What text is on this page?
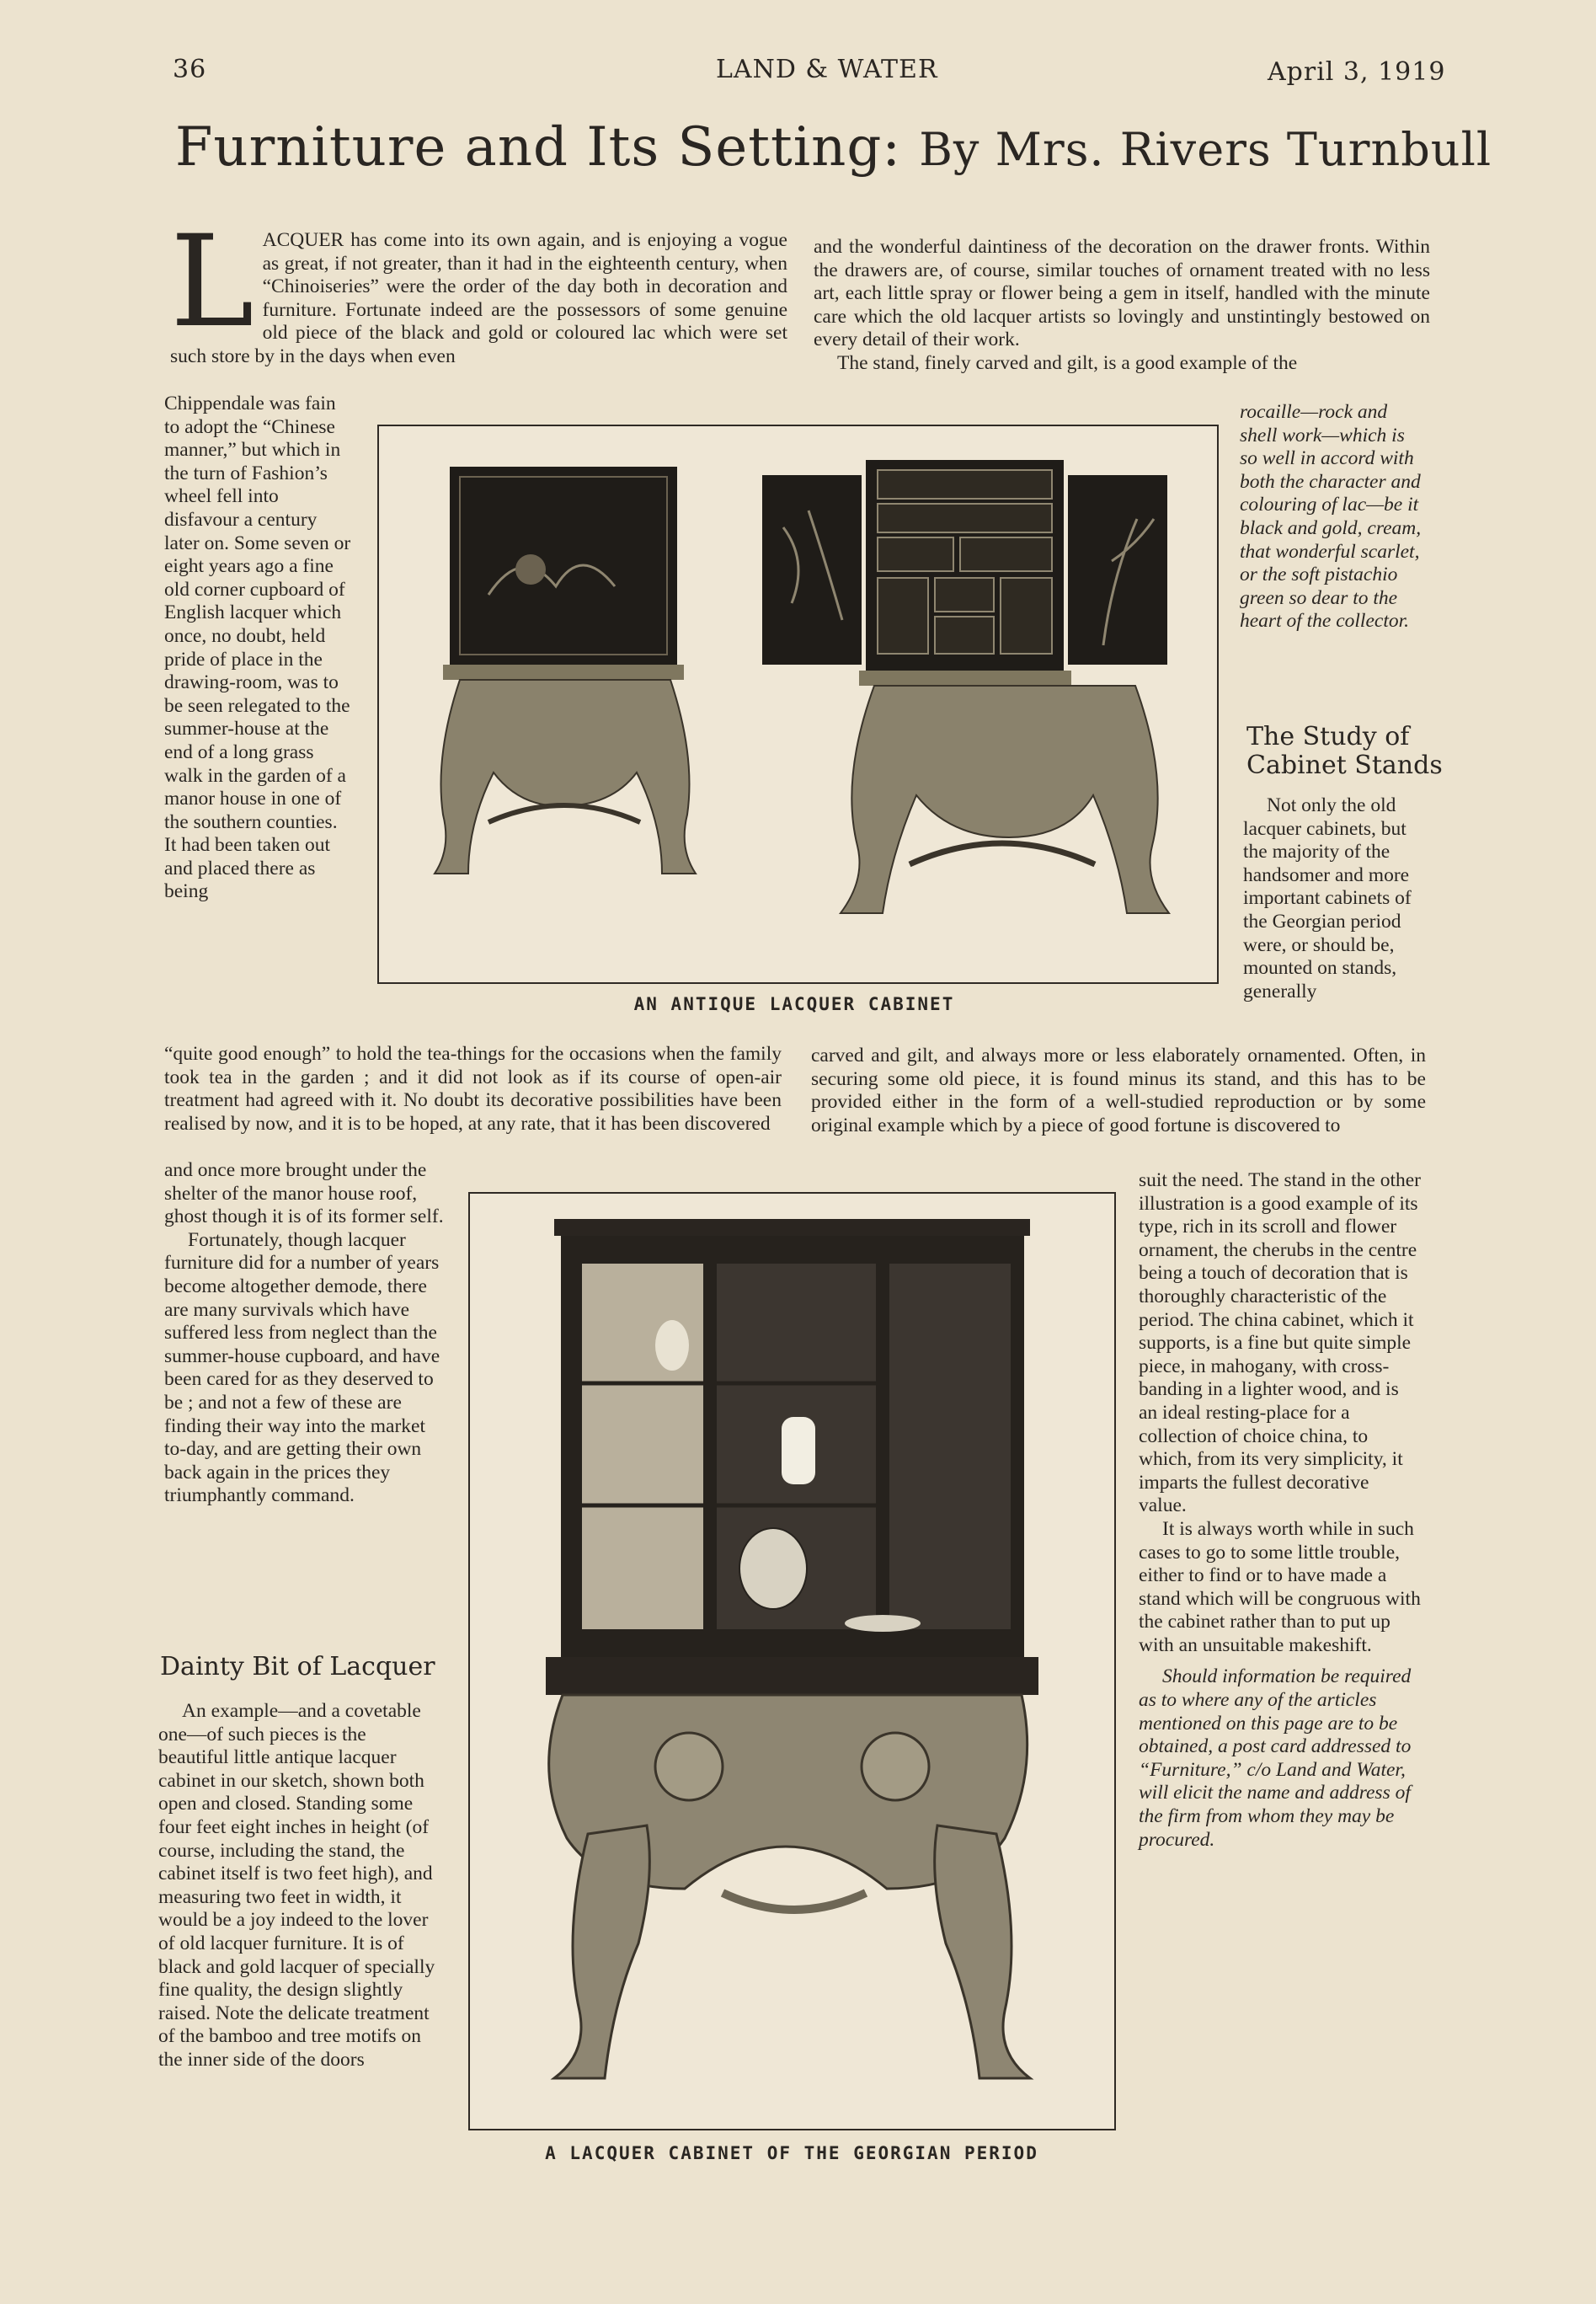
36	LAND & WATER	April 3, 1919
Furniture and Its Setting: By Mrs. Rivers Turnbull

L ACQUER has come into its own again, and is enjoying a vogue as great, if not greater, than it had in the eighteenth century, when “Chinoiseries” were the order of the day both in decoration and furniture. Fortunate indeed are the possessors of some genuine old piece of the black and gold or coloured lac which were set such store by in the days when even

Chippendale was fain to adopt the “Chinese manner,” but which in the turn of Fashion’s wheel fell into disfavour a century later on. Some seven or eight years ago a fine old corner cupboard of English lacquer which once, no doubt, held pride of place in the drawing-room, was to be seen relegated to the summer-house at the end of a long grass walk in the garden of a manor house in one of the southern counties. It had been taken out and placed there as being
“quite good enough” to hold the tea-things for the occasions when the family took tea in the garden ; and it did not look as if its course of open-air treatment had agreed with it. No doubt its decorative possibilities have been realised by now, and it is to be hoped, at any rate, that it has been discovered

and once more brought under the shelter of the manor house roof, ghost though it is of its former self.

Fortunately, though lacquer furniture did for a number of years become altogether demode, there are many survivals which have suffered less from neglect than the summer-house cupboard, and have been cared for as they deserved to be ; and not a few of these are finding their way into the market to-day, and are getting their own back again in the prices they triumphantly command.

Dainty Bit of Lacquer

An example—and a covetable one—of such pieces is the beautiful little antique lacquer cabinet in our sketch, shown both open and closed. Standing some four feet eight inches in height (of course, including the stand, the cabinet itself is two feet high), and measuring two feet in width, it would be a joy indeed to the lover of old lacquer furniture. It is of black and gold lacquer of specially fine quality, the design slightly raised. Note the delicate treatment of the bamboo and tree motifs on the inner side of the doors

and the wonderful daintiness of the decoration on the drawer fronts. Within the drawers are, of course, similar touches of ornament treated with no less art, each little spray or flower being a gem in itself, handled with the minute care which the old lacquer artists so lovingly and unstintingly bestowed on every detail of their work.

The stand, finely carved and gilt, is a good example of the

rocaille—rock and shell work—which is so well in accord with both the character and colouring of lac—be it black and gold, cream, that wonderful scarlet, or the soft pistachio green so dear to the heart of the collector.

The Study of
Cabinet Stands

Not only the old lacquer cabinets, but the majority of the handsomer and more important cabinets of the Georgian period were, or should be, mounted on stands, generally

carved and gilt, and always more or less elaborately ornamented. Often, in securing some old piece, it is found minus its stand, and this has to be provided either in the form of a well-studied reproduction or by some original example which by a piece of good fortune is discovered to

suit the need. The stand in the other illustration is a good example of its type, rich in its scroll and flower ornament, the cherubs in the centre being a touch of decoration that is thoroughly characteristic of the period. The china cabinet, which it supports, is a fine but quite simple piece, in mahogany, with cross-banding in a lighter wood, and is an ideal resting-place for a collection of choice china, to which, from its very simplicity, it imparts the fullest decorative value.

It is always worth while in such cases to go to some little trouble, either to find or to have made a stand which will be congruous with the cabinet rather than to put up with an unsuitable makeshift.

Should information be required as to where any of the articles mentioned on this page are to be obtained, a post card addressed to “Furniture,” c/o Land and Water, will elicit the name and address of the firm from whom they may be procured.

AN ANTIQUE LACQUER CABINET
A LACQUER CABINET OF THE GEORGIAN PERIOD
